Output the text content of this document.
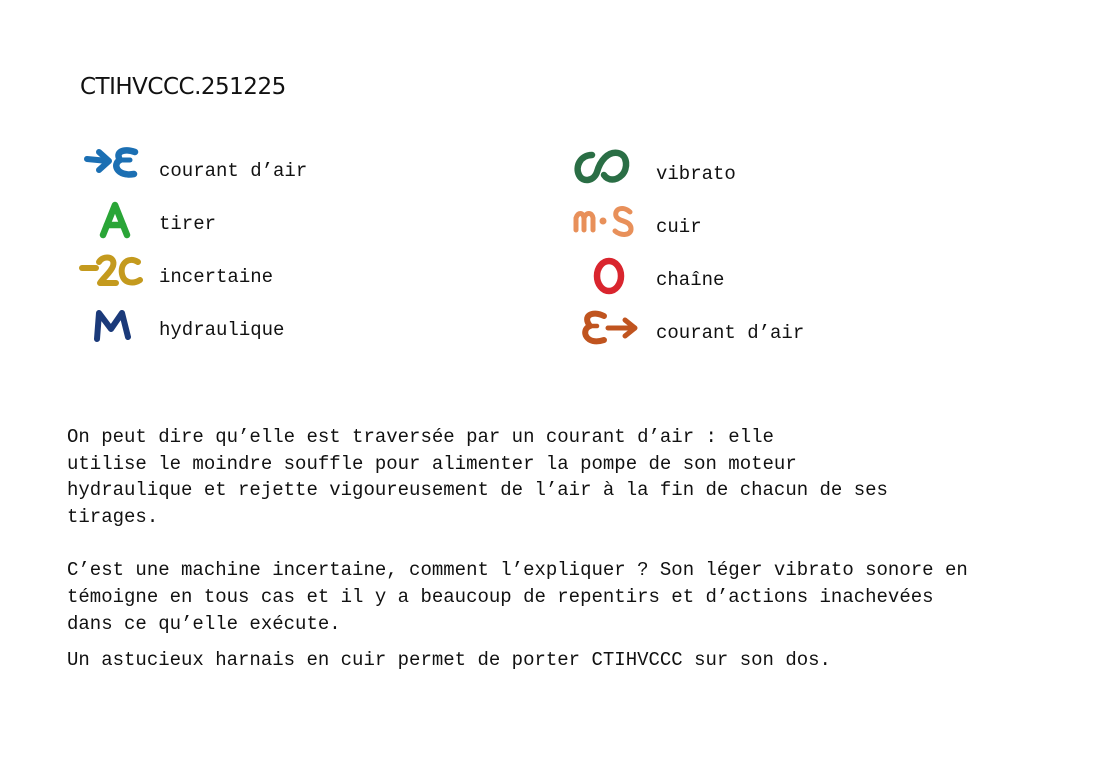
CTIHVCCC.251225
courant d’air
tirer
incertaine
hydraulique
vibrato
cuir
chaîne
courant d’air

On peut dire qu’elle est traversée par un courant d’air : elle
utilise le moindre souffle pour alimenter la pompe de son moteur
hydraulique et rejette vigoureusement de l’air à la fin de chacun de ses
tirages.

C’est une machine incertaine, comment l’expliquer ? Son léger vibrato sonore en
témoigne en tous cas et il y a beaucoup de repentirs et d’actions inachevées
dans ce qu’elle exécute.

Un astucieux harnais en cuir permet de porter CTIHVCCC sur son dos.
